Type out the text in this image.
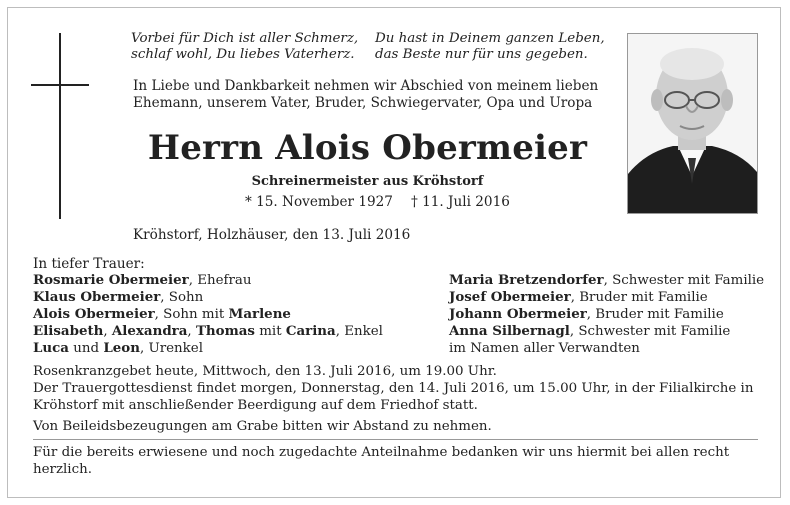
Vorbei für Dich ist aller Schmerz,
schlaf wohl, Du liebes Vaterherz.
Du hast in Deinem ganzen Leben,
das Beste nur für uns gegeben.
In Liebe und Dankbarkeit nehmen wir Abschied von meinem lieben
Ehemann, unserem Vater, Bruder, Schwiegervater, Opa und Uropa
Herrn Alois Obermeier
Schreinermeister aus Kröhstorf
* 15. November 1927 † 11. Juli 2016
Kröhstorf, Holzhäuser, den 13. Juli 2016
In tiefer Trauer:
Rosmarie Obermeier, Ehefrau
Klaus Obermeier, Sohn
Alois Obermeier, Sohn mit Marlene
Elisabeth, Alexandra, Thomas mit Carina, Enkel
Luca und Leon, Urenkel
Maria Bretzendorfer, Schwester mit Familie
Josef Obermeier, Bruder mit Familie
Johann Obermeier, Bruder mit Familie
Anna Silbernagl, Schwester mit Familie
im Namen aller Verwandten
Rosenkranzgebet heute, Mittwoch, den 13. Juli 2016, um 19.00 Uhr.
Der Trauergottesdienst findet morgen, Donnerstag, den 14. Juli 2016, um 15.00 Uhr, in der Filialkirche in
Kröhstorf mit anschließender Beerdigung auf dem Friedhof statt.
Von Beileidsbezeugungen am Grabe bitten wir Abstand zu nehmen.
Für die bereits erwiesene und noch zugedachte Anteilnahme bedanken wir uns hiermit bei allen recht
herzlich.
